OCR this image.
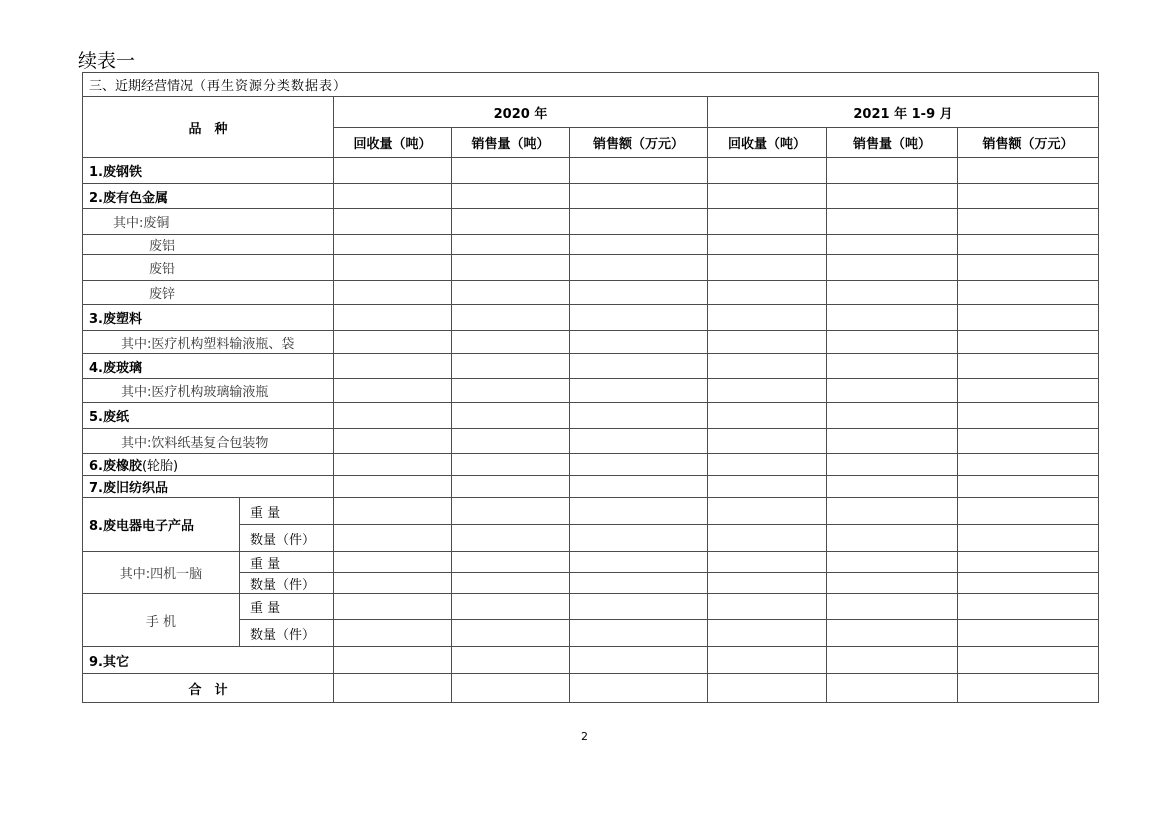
续表一
三、近期经营情况（再生资源分类数据表）							
品　种		2020 年			2021 年 1-9 月		
		回收量（吨）	销售量（吨）	销售额（万元）	回收量（吨）	销售量（吨）	销售额（万元）
1.废钢铁							
2.废有色金属							
其中:废铜							
废铝							
废铅							
废锌							
3.废塑料							
其中:医疗机构塑料输液瓶、袋							
4.废玻璃							
其中:医疗机构玻璃输液瓶							
5.废纸							
其中:饮料纸基复合包装物							
6.废橡胶(轮胎)							
7.废旧纺织品							
8.废电器电子产品	重 量						
	数量（件）						
其中:四机一脑	重 量						
	数量（件）						
手 机	重 量						
	数量（件）						
9.其它							
合　计							
2
